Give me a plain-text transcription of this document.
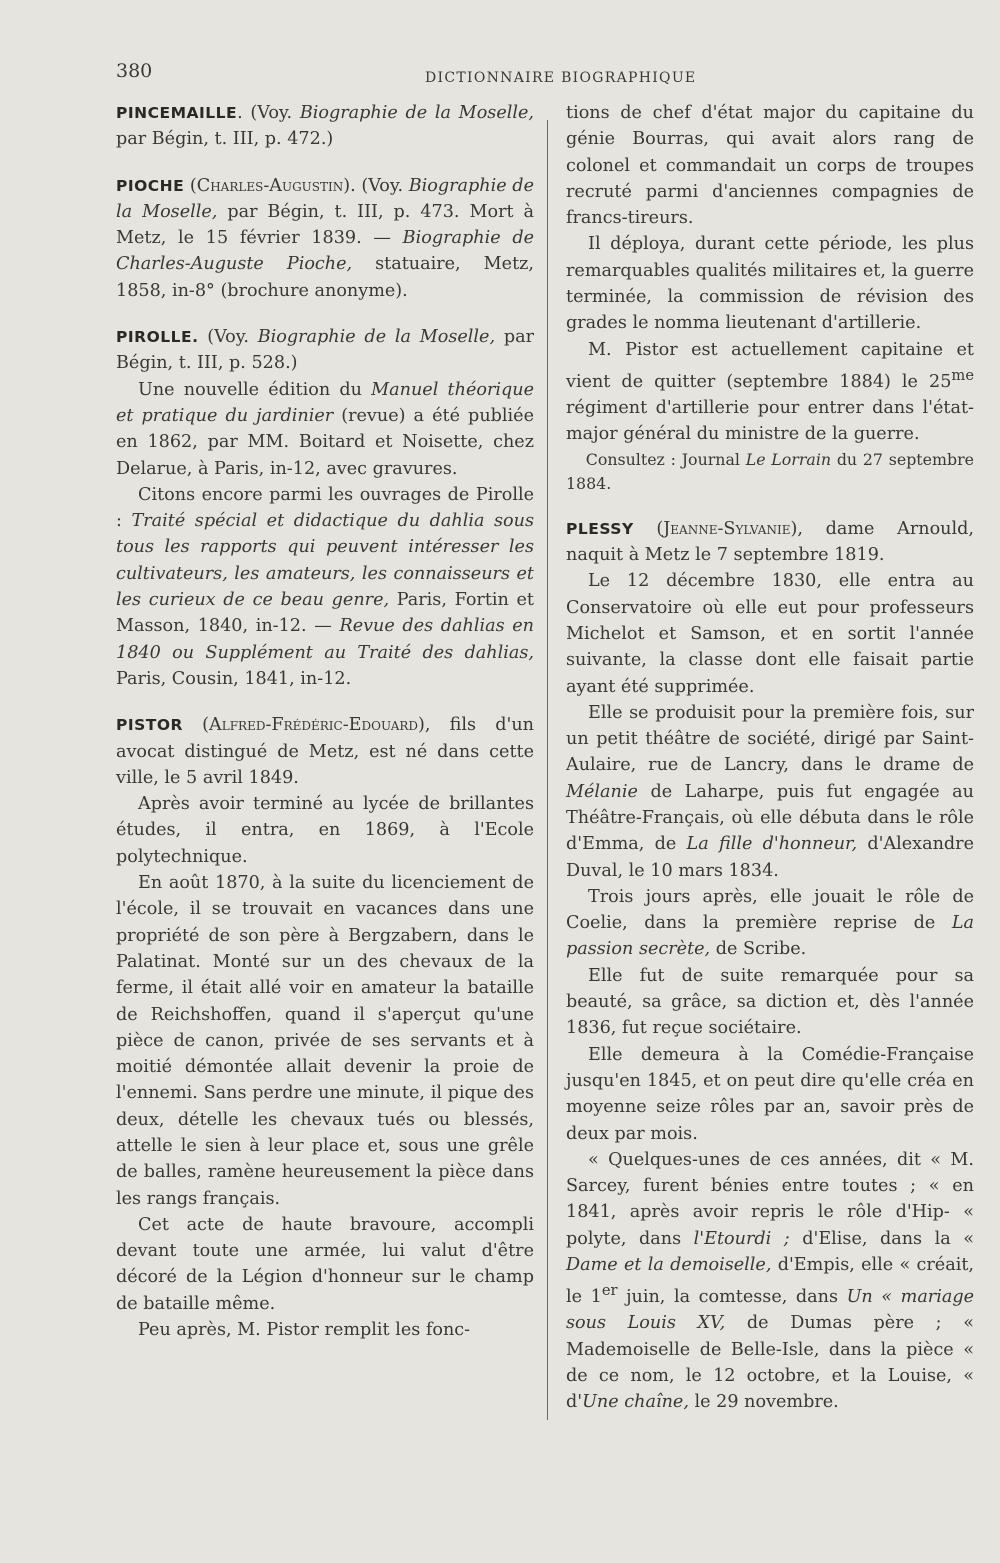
380	DICTIONNAIRE BIOGRAPHIQUE

PINCEMAILLE. (Voy. Biographie de la Moselle, par Bégin, t. III, p. 472.)

PIOCHE (Charles-Augustin). (Voy. Biographie de la Moselle, par Bégin, t. III, p. 473. Mort à Metz, le 15 février 1839. — Biographie de Charles-Auguste Pioche, statuaire, Metz, 1858, in-8° (brochure anonyme).

PIROLLE. (Voy. Biographie de la Moselle, par Bégin, t. III, p. 528.)

Une nouvelle édition du Manuel théorique et pratique du jardinier (revue) a été publiée en 1862, par MM. Boitard et Noisette, chez Delarue, à Paris, in-12, avec gravures.

Citons encore parmi les ouvrages de Pirolle : Traité spécial et didactique du dahlia sous tous les rapports qui peuvent intéresser les cultivateurs, les amateurs, les connaisseurs et les curieux de ce beau genre, Paris, Fortin et Masson, 1840, in-12. — Revue des dahlias en 1840 ou Supplément au Traité des dahlias, Paris, Cousin, 1841, in-12.

PISTOR (Alfred-Frédéric-Edouard), fils d'un avocat distingué de Metz, est né dans cette ville, le 5 avril 1849.

Après avoir terminé au lycée de brillantes études, il entra, en 1869, à l'Ecole polytechnique.

En août 1870, à la suite du licenciement de l'école, il se trouvait en vacances dans une propriété de son père à Bergzabern, dans le Palatinat. Monté sur un des chevaux de la ferme, il était allé voir en amateur la bataille de Reichshoffen, quand il s'aperçut qu'une pièce de canon, privée de ses servants et à moitié démontée allait devenir la proie de l'ennemi. Sans perdre une minute, il pique des deux, dételle les chevaux tués ou blessés, attelle le sien à leur place et, sous une grêle de balles, ramène heureusement la pièce dans les rangs français.

Cet acte de haute bravoure, accompli devant toute une armée, lui valut d'être décoré de la Légion d'honneur sur le champ de bataille même.

Peu après, M. Pistor remplit les fonc-

tions de chef d'état major du capitaine du génie Bourras, qui avait alors rang de colonel et commandait un corps de troupes recruté parmi d'anciennes compagnies de francs-tireurs.

Il déploya, durant cette période, les plus remarquables qualités militaires et, la guerre terminée, la commission de révision des grades le nomma lieutenant d'artillerie.

M. Pistor est actuellement capitaine et vient de quitter (septembre 1884) le $25^{me}$ régiment d'artillerie pour entrer dans l'état-major général du ministre de la guerre.

Consultez : Journal Le Lorrain du 27 septembre 1884.

PLESSY (Jeanne-Sylvanie), dame Arnould, naquit à Metz le 7 septembre 1819.

Le 12 décembre 1830, elle entra au Conservatoire où elle eut pour professeurs Michelot et Samson, et en sortit l'année suivante, la classe dont elle faisait partie ayant été supprimée.

Elle se produisit pour la première fois, sur un petit théâtre de société, dirigé par Saint-Aulaire, rue de Lancry, dans le drame de Mélanie de Laharpe, puis fut engagée au Théâtre-Français, où elle débuta dans le rôle d'Emma, de La fille d'honneur, d'Alexandre Duval, le 10 mars 1834.

Trois jours après, elle jouait le rôle de Coelie, dans la première reprise de La passion secrète, de Scribe.

Elle fut de suite remarquée pour sa beauté, sa grâce, sa diction et, dès l'année 1836, fut reçue sociétaire.

Elle demeura à la Comédie-Française jusqu'en 1845, et on peut dire qu'elle créa en moyenne seize rôles par an, savoir près de deux par mois.

« Quelques-unes de ces années, dit « M. Sarcey, furent bénies entre toutes ; « en 1841, après avoir repris le rôle d'Hip- « polyte, dans l'Etourdi ; d'Elise, dans la « Dame et la demoiselle, d'Empis, elle « créait, le 1er juin, la comtesse, dans Un « mariage sous Louis XV, de Dumas père ; « Mademoiselle de Belle-Isle, dans la pièce « de ce nom, le 12 octobre, et la Louise, « d'Une chaîne, le 29 novembre.
